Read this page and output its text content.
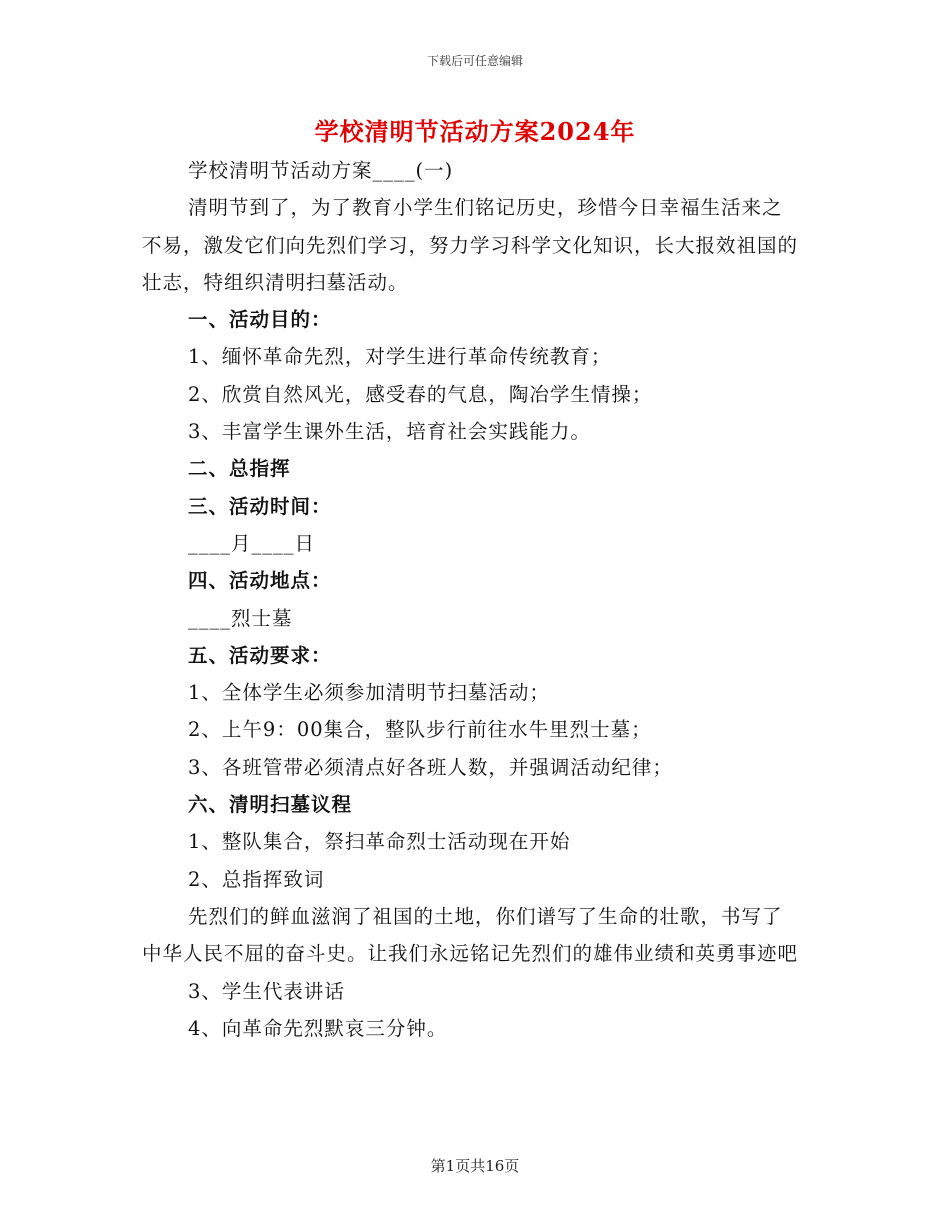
下载后可任意编辑
学校清明节活动方案2024年

学校清明节活动方案____(一)

清明节到了，为了教育小学生们铭记历史，珍惜今日幸福生活来之不易，激发它们向先烈们学习，努力学习科学文化知识，长大报效祖国的壮志，特组织清明扫墓活动。

一、活动目的：

1、缅怀革命先烈，对学生进行革命传统教育；

2、欣赏自然风光，感受春的气息，陶冶学生情操；

3、丰富学生课外生活，培育社会实践能力。

二、总指挥

三、活动时间：

____月____日

四、活动地点：

____烈士墓

五、活动要求：

1、全体学生必须参加清明节扫墓活动；

2、上午9：00集合，整队步行前往水牛里烈士墓；

3、各班管带必须清点好各班人数，并强调活动纪律；

六、清明扫墓议程

1、整队集合，祭扫革命烈士活动现在开始

2、总指挥致词

先烈们的鲜血滋润了祖国的土地，你们谱写了生命的壮歌，书写了中华人民不屈的奋斗史。让我们永远铭记先烈们的雄伟业绩和英勇事迹吧

3、学生代表讲话

4、向革命先烈默哀三分钟。

第1页共16页
